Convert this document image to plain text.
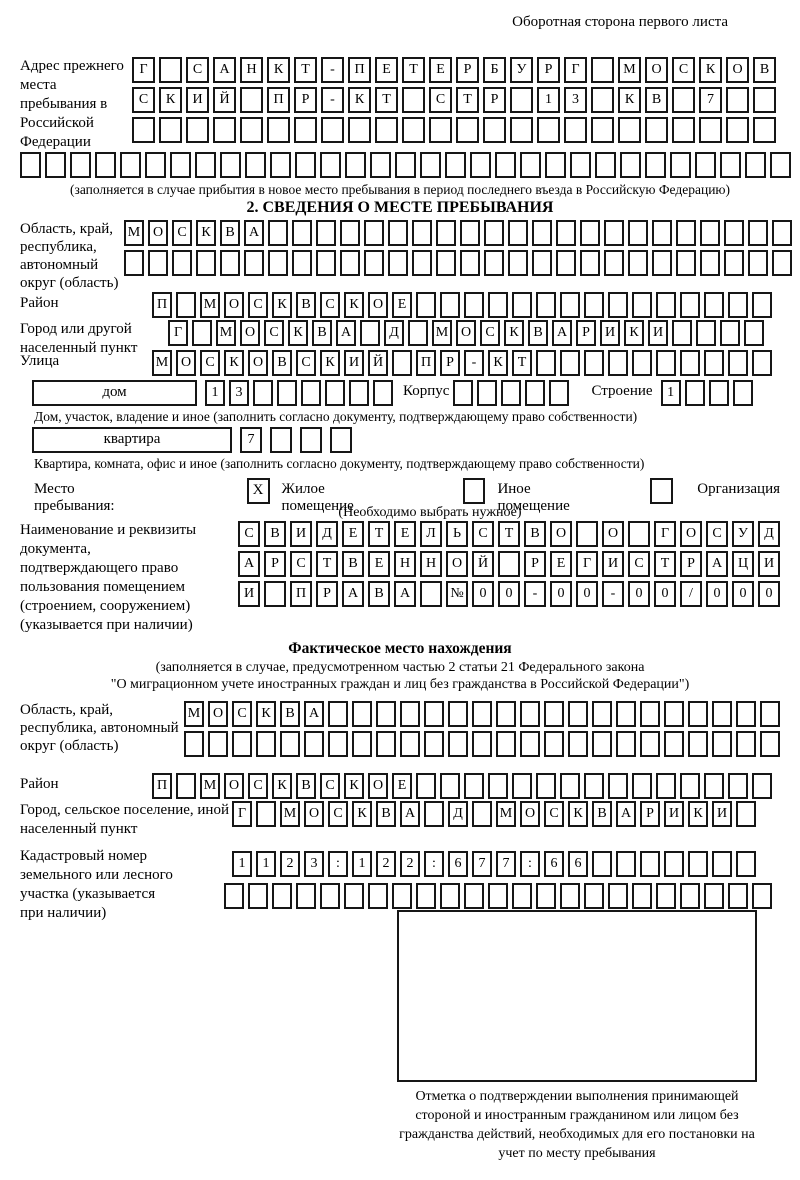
Оборотная сторона первого листа
Адрес прежнего места пребывания в Российской Федерации
Г	С А Н К Т - П Е Т Е Р Б У Р Г	М О С К О В
С К И Й	П Р - К Т	С Т Р	1 3	К В	7
(заполняется в случае прибытия в новое место пребывания в период последнего въезда в Российскую Федерацию)
2. СВЕДЕНИЯ О МЕСТЕ ПРЕБЫВАНИЯ
Область, край, республика, автономный округ (область)
М О С К В А
Район	П	М О С К В С К О Е
Город или другой населенный пункт
Г	М О С К В А	Д	М О С К В А Р И К И
Улица	М О С К О В С К И Й	П Р - К Т
дом	1 3	Корпус	Строение	1
Дом, участок, владение и иное (заполнить согласно документу, подтверждающему право собственности)
квартира	7
Квартира, комната, офис и иное (заполнить согласно документу, подтверждающему право собственности)
Место пребывания:
X	Жилое помещение
Иное помещение
Организация
(Необходимо выбрать нужное)
Наименование и реквизиты документа, подтверждающего право пользования помещением (строением, сооружением) (указывается при наличии)
С В И Д Е Т Е Л Ь С Т В О	О	Г О С У Д
А Р С Т В Е Н Н О Й	Р Е Г И С Т Р А Ц И
И	П Р А В А	№ 0 0 - 0 0 - 0 0 / 0 0 0
Фактическое место нахождения
(заполняется в случае, предусмотренном частью 2 статьи 21 Федерального закона
"О миграционном учете иностранных граждан и лиц без гражданства в Российской Федерации")
Область, край, республика, автономный округ (область)
М О С К В А
Район	П	М О С К В С К О Е
Город, сельское поселение, иной населенный пункт
Г	М О С К В А	Д	М О С К В А Р И К И
Кадастровый номер земельного или лесного участка (указывается при наличии)
1 1 2 3 : 1 2 2 : 6 7 7 : 6 6
Отметка о подтверждении выполнения принимающей стороной и иностранным гражданином или лицом без гражданства действий, необходимых для его постановки на учет по месту пребывания
